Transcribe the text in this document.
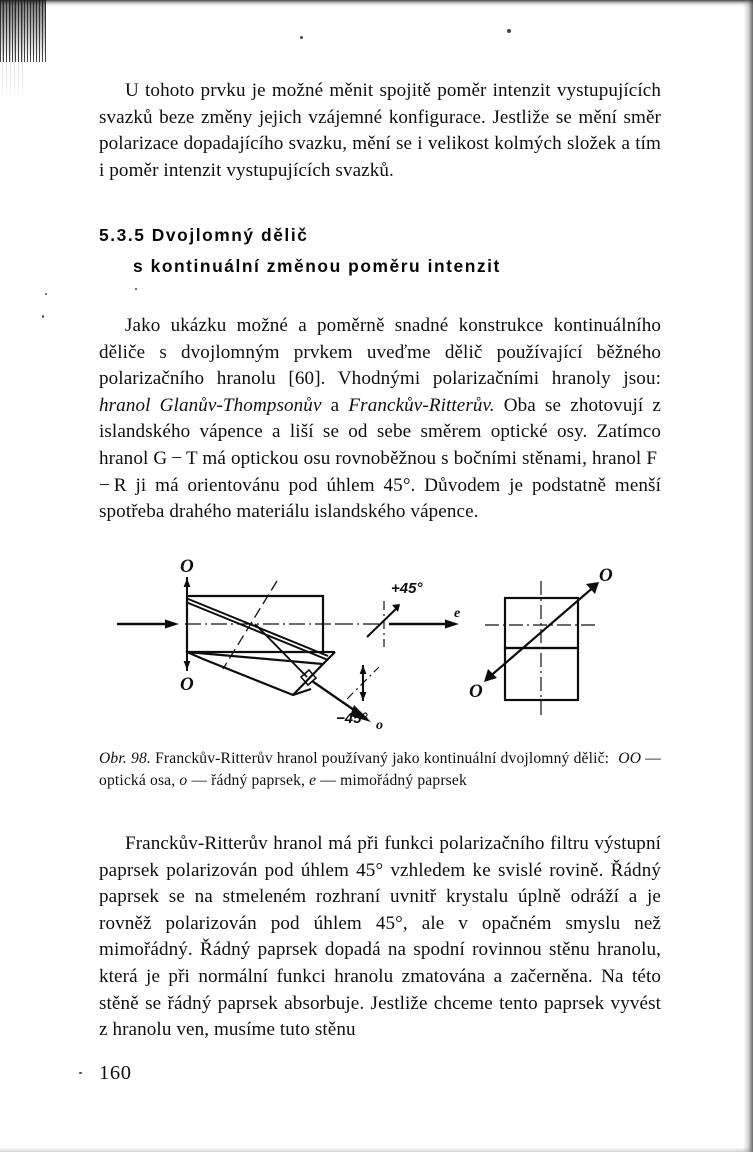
U tohoto prvku je možné měnit spojitě poměr intenzit vystupujících svazků beze změny jejich vzájemné konfigurace. Jestliže se mění směr polarizace dopadajícího svazku, mění se i velikost kolmých složek a tím i poměr intenzit vystupujících svazků.

5.3.5 Dvojlomný dělič
s kontinuální změnou poměru intenzit

Jako ukázku možné a poměrně snadné konstrukce kontinuálního děliče s dvojlomným prvkem uveďme dělič používající běžného polarizačního hranolu [60]. Vhodnými polarizačními hranoly jsou: hranol Glanův-Thompsonův a Franckův-Ritterův. Oba se zhotovují z islandského vápence a liší se od sebe směrem optické osy. Zatímco hranol G − T má optickou osu rovnoběžnou s bočními stěnami, hranol F − R ji má orientovánu pod úhlem 45°. Důvodem je podstatně menší spotřeba drahého materiálu islandského vápence.

O
O
+45°
−45°
e
o
O
O
Obr. 98. Franckův-Ritterův hranol používaný jako kontinuální dvojlomný dělič: OO — optická osa, o — řádný paprsek, e — mimořádný paprsek

Franckův-Ritterův hranol má při funkci polarizačního filtru výstupní paprsek polarizován pod úhlem 45° vzhledem ke svislé rovině. Řádný paprsek se na stmeleném rozhraní uvnitř krystalu úplně odráží a je rovněž polarizován pod úhlem 45°, ale v opačném smyslu než mimořádný. Řádný paprsek dopadá na spodní rovinnou stěnu hranolu, která je při normální funkci hranolu zmatována a začerněna. Na této stěně se řádný paprsek absorbuje. Jestliže chceme tento paprsek vyvést z hranolu ven, musíme tuto stěnu

160
